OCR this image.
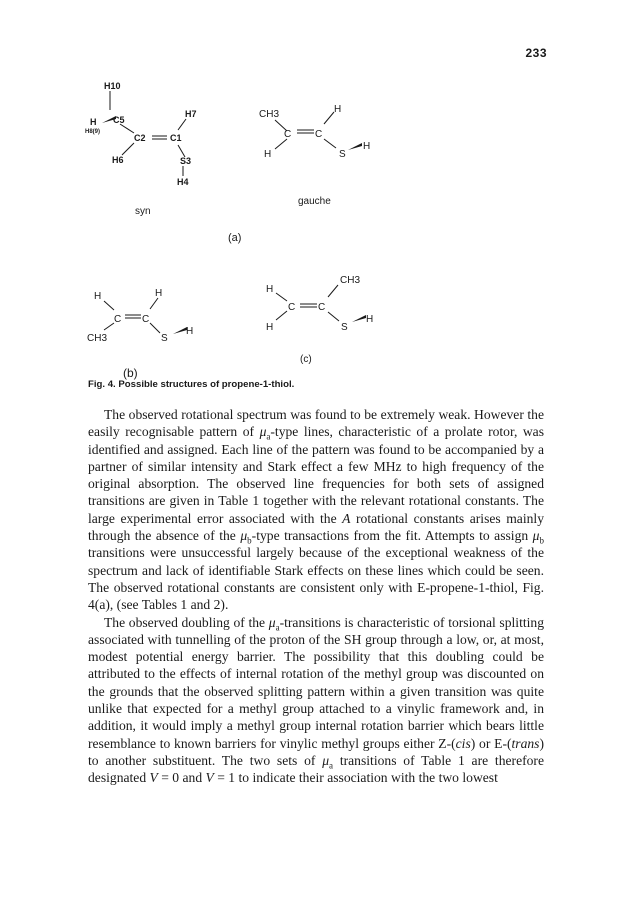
233
H10
C5
H
H8(9)
C2	C1
H7
H6	S3
H4
syn
CH3
C C
H
H	S
H
gauche
(a)
H	H
C C
CH3	S
H
(b)
CH3
H
C C
H	S
H
(c)
Fig. 4. Possible structures of propene-1-thiol.

The observed rotational spectrum was found to be extremely weak. However the easily recognisable pattern of $\mu_a$-type lines, characteristic of a prolate rotor, was identified and assigned. Each line of the pattern was found to be accompanied by a partner of similar intensity and Stark effect a few MHz to high frequency of the original absorption. The observed line frequencies for both sets of assigned transitions are given in Table 1 together with the relevant rotational constants. The large experimental error associated with the A rotational constants arises mainly through the absence of the $\mu_b$-type transactions from the fit. Attempts to assign $\mu_b$ transitions were unsuccessful largely because of the exceptional weakness of the spectrum and lack of identifiable Stark effects on these lines which could be seen. The observed rotational constants are consistent only with E-propene-1-thiol, Fig. 4(a), (see Tables 1 and 2).

The observed doubling of the $\mu_a$-transitions is characteristic of torsional splitting associated with tunnelling of the proton of the SH group through a low, or, at most, modest potential energy barrier. The possibility that this doubling could be attributed to the effects of internal rotation of the methyl group was discounted on the grounds that the observed splitting pattern within a given transition was quite unlike that expected for a methyl group attached to a vinylic framework and, in addition, it would imply a methyl group internal rotation barrier which bears little resemblance to known barriers for vinylic methyl groups either Z-(cis) or E-(trans) to another substituent. The two sets of $\mu_a$ transitions of Table 1 are therefore designated V = 0 and V = 1 to indicate their association with the two lowest
